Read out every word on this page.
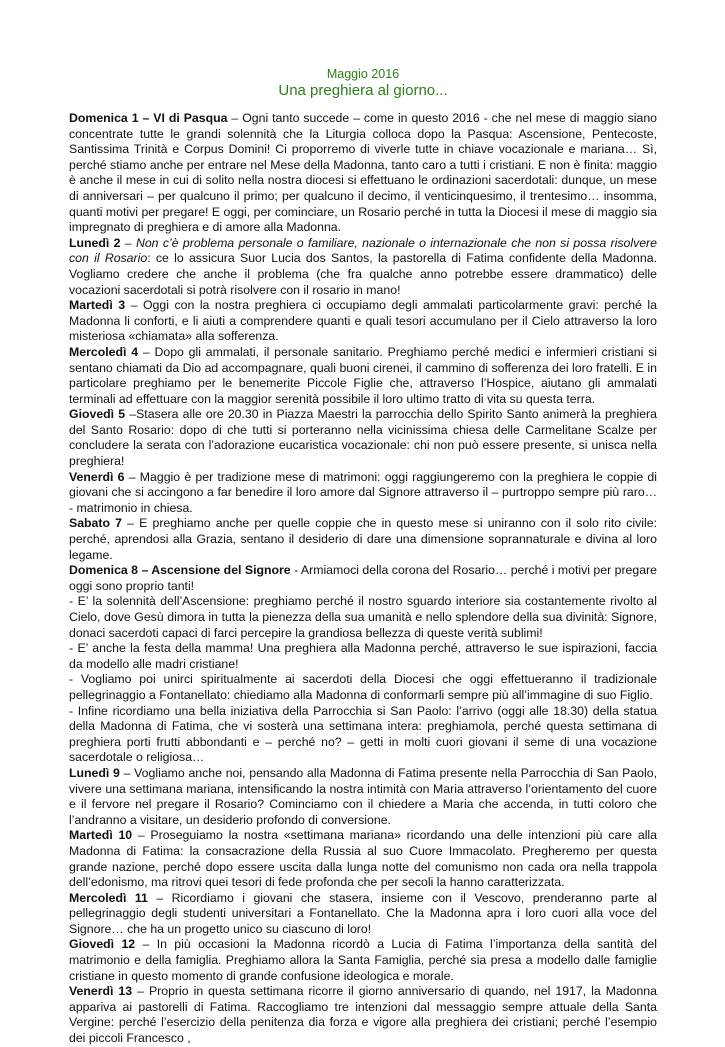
Maggio 2016
Una preghiera al giorno...

Domenica 1 – VI di Pasqua – Ogni tanto succede – come in questo 2016 - che nel mese di maggio siano concentrate tutte le grandi solennità che la Liturgia colloca dopo la Pasqua: Ascensione, Pentecoste, Santissima Trinità e Corpus Domini! Ci proporremo di viverle tutte in chiave vocazionale e mariana… Sì, perché stiamo anche per entrare nel Mese della Madonna, tanto caro a tutti i cristiani. E non è finita: maggio è anche il mese in cui di solito nella nostra diocesi si effettuano le ordinazioni sacerdotali: dunque, un mese di anniversari – per qualcuno il primo; per qualcuno il decimo, il venticinquesimo, il trentesimo… insomma, quanti motivi per pregare! E oggi, per cominciare, un Rosario perché in tutta la Diocesi il mese di maggio sia impregnato di preghiera e di amore alla Madonna.

Lunedì 2 – Non c’è problema personale o familiare, nazionale o internazionale che non si possa risolvere con il Rosario: ce lo assicura Suor Lucia dos Santos, la pastorella di Fatima confidente della Madonna. Vogliamo credere che anche il problema (che fra qualche anno potrebbe essere drammatico) delle vocazioni sacerdotali si potrà risolvere con il rosario in mano!

Martedì 3 – Oggi con la nostra preghiera ci occupiamo degli ammalati particolarmente gravi: perché la Madonna li conforti, e li aiuti a comprendere quanti e quali tesori accumulano per il Cielo attraverso la loro misteriosa «chiamata» alla sofferenza.

Mercoledì 4 – Dopo gli ammalati, il personale sanitario. Preghiamo perché medici e infermieri cristiani si sentano chiamati da Dio ad accompagnare, quali buoni cirenei, il cammino di sofferenza dei loro fratelli. E in particolare preghiamo per le benemerite Piccole Figlie che, attraverso l’Hospice, aiutano gli ammalati terminali ad effettuare con la maggior serenità possibile il loro ultimo tratto di vita su questa terra.

Giovedì 5 –Stasera alle ore 20.30 in Piazza Maestri la parrocchia dello Spirito Santo animerà la preghiera del Santo Rosario: dopo di che tutti si porteranno nella vicinissima chiesa delle Carmelitane Scalze per concludere la serata con l’adorazione eucaristica vocazionale: chi non può essere presente, si unisca nella preghiera!

Venerdì 6 – Maggio è per tradizione mese di matrimoni: oggi raggiungeremo con la preghiera le coppie di giovani che si accingono a far benedire il loro amore dal Signore attraverso il – purtroppo sempre più raro… - matrimonio in chiesa.

Sabato 7 – E preghiamo anche per quelle coppie che in questo mese si uniranno con il solo rito civile: perché, aprendosi alla Grazia, sentano il desiderio di dare una dimensione soprannaturale e divina al loro legame.

Domenica 8 – Ascensione del Signore - Armiamoci della corona del Rosario… perché i motivi per pregare oggi sono proprio tanti!

- E’ la solennità dell’Ascensione: preghiamo perché il nostro sguardo interiore sia costantemente rivolto al Cielo, dove Gesù dimora in tutta la pienezza della sua umanità e nello splendore della sua divinità: Signore, donaci sacerdoti capaci di farci percepire la grandiosa bellezza di queste verità sublimi!

- E’ anche la festa della mamma! Una preghiera alla Madonna perché, attraverso le sue ispirazioni, faccia da modello alle madri cristiane!

- Vogliamo poi unirci spiritualmente ai sacerdoti della Diocesi che oggi effettueranno il tradizionale pellegrinaggio a Fontanellato: chiediamo alla Madonna di conformarli sempre più all’immagine di suo Figlio.

- Infine ricordiamo una bella iniziativa della Parrocchia si San Paolo: l’arrivo (oggi alle 18.30) della statua della Madonna di Fatima, che vi sosterà una settimana intera: preghiamola, perché questa settimana di preghiera porti frutti abbondanti e – perché no? – getti in molti cuori giovani il seme di una vocazione sacerdotale o religiosa…

Lunedì 9 – Vogliamo anche noi, pensando alla Madonna di Fatima presente nella Parrocchia di San Paolo, vivere una settimana mariana, intensificando la nostra intimità con Maria attraverso l’orientamento del cuore e il fervore nel pregare il Rosario? Cominciamo con il chiedere a Maria che accenda, in tutti coloro che l’andranno a visitare, un desiderio profondo di conversione.

Martedì 10 – Proseguiamo la nostra «settimana mariana» ricordando una delle intenzioni più care alla Madonna di Fatima: la consacrazione della Russia al suo Cuore Immacolato. Pregheremo per questa grande nazione, perché dopo essere uscita dalla lunga notte del comunismo non cada ora nella trappola dell’edonismo, ma ritrovi quei tesori di fede profonda che per secoli la hanno caratterizzata.

Mercoledì 11 – Ricordiamo i giovani che stasera, insieme con il Vescovo, prenderanno parte al pellegrinaggio degli studenti universitari a Fontanellato. Che la Madonna apra i loro cuori alla voce del Signore… che ha un progetto unico su ciascuno di loro!

Giovedì 12 – In più occasioni la Madonna ricordò a Lucia di Fatima l’importanza della santità del matrimonio e della famiglia. Preghiamo allora la Santa Famiglia, perché sia presa a modello dalle famiglie cristiane in questo momento di grande confusione ideologica e morale.

Venerdì 13 – Proprio in questa settimana ricorre il giorno anniversario di quando, nel 1917, la Madonna appariva ai pastorelli di Fatima. Raccogliamo tre intenzioni dal messaggio sempre attuale della Santa Vergine: perché l’esercizio della penitenza dia forza e vigore alla preghiera dei cristiani; perché l’esempio dei piccoli Francesco ,
